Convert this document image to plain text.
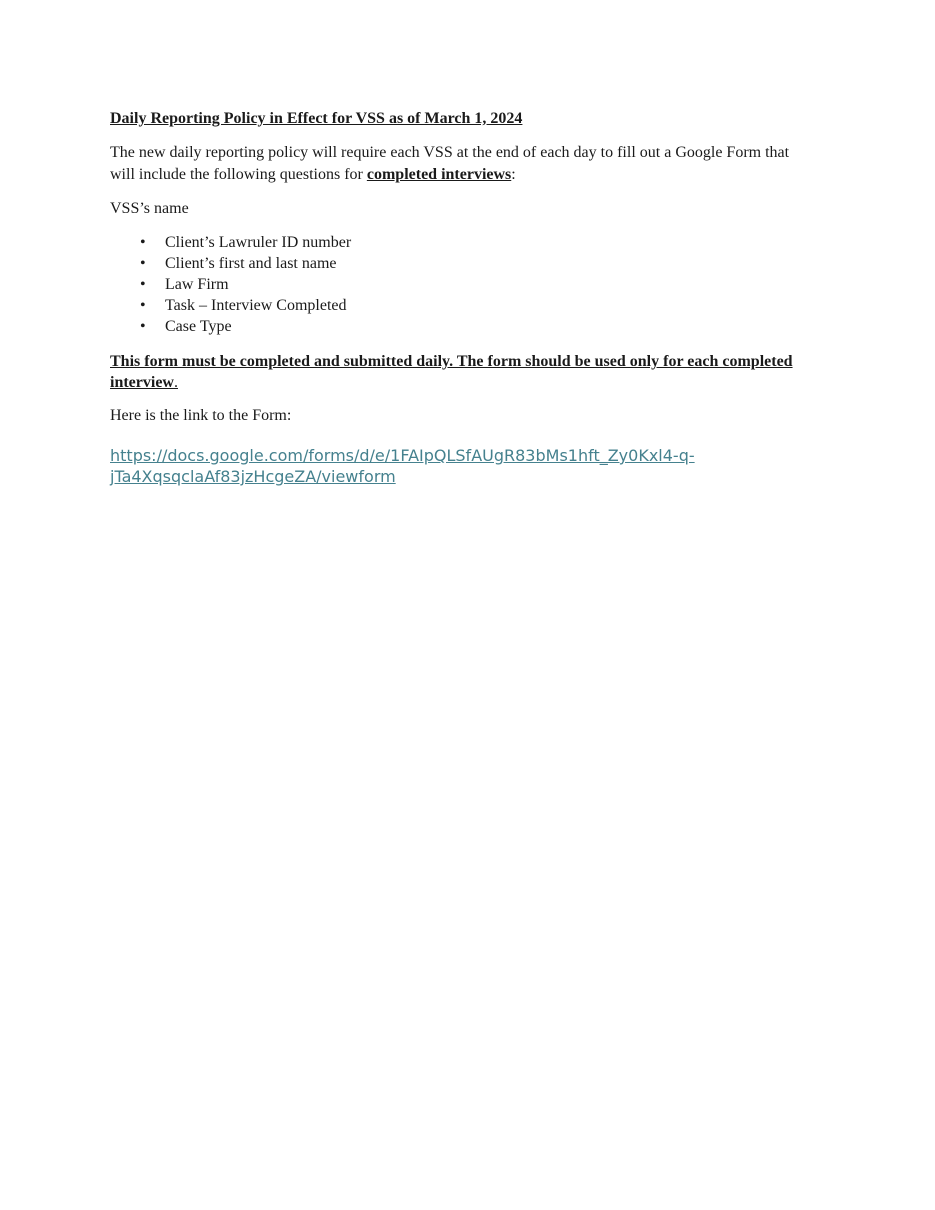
Daily Reporting Policy in Effect for VSS as of March 1, 2024

The new daily reporting policy will require each VSS at the end of each day to fill out a Google Form that will include the following questions for completed interviews:

VSS’s name

• Client’s Lawruler ID number
• Client’s first and last name
• Law Firm
• Task – Interview Completed
• Case Type

This form must be completed and submitted daily. The form should be used only for each completed interview.

Here is the link to the Form:

https://docs.google.com/forms/d/e/1FAIpQLSfAUgR83bMs1hft_Zy0Kxl4-q-
jTa4XqsqclaAf83jzHcgeZA/viewform
